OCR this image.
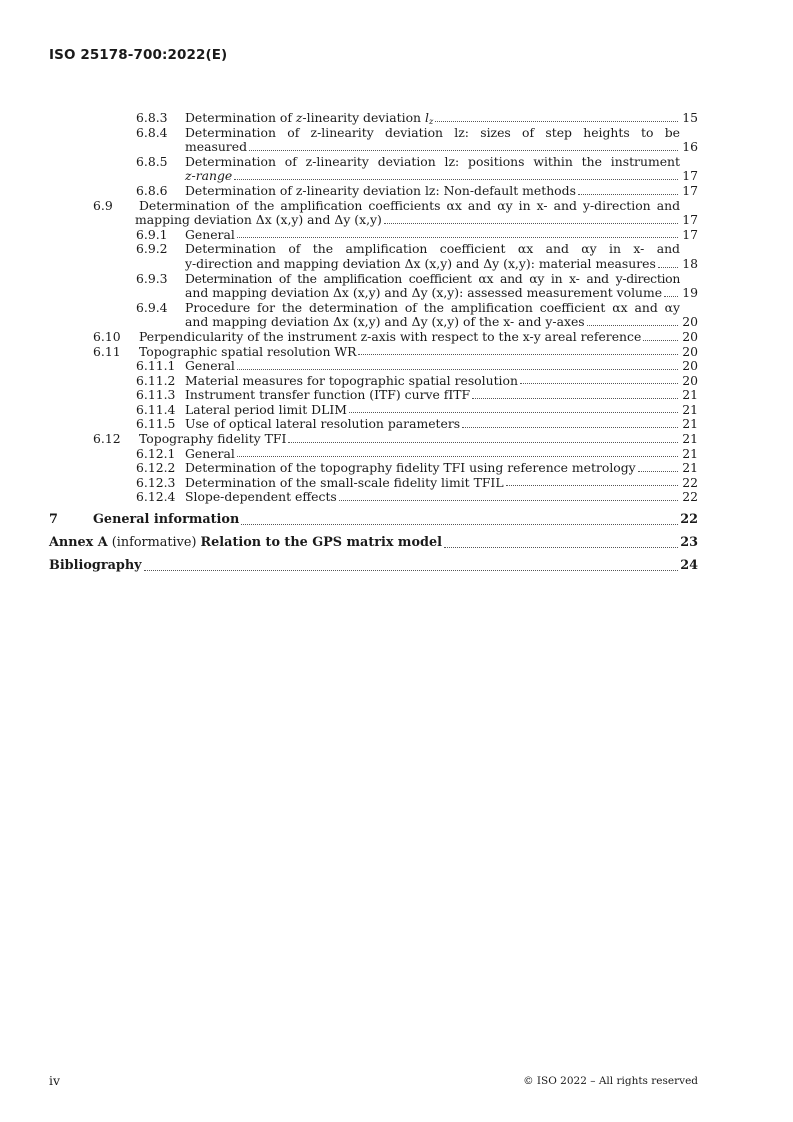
ISO 25178-700:2022(E)
6.8.3	Determination of z-linearity deviation $l_z$	15
6.8.4	Determination of z-linearity deviation lz: sizes of step heights to be
measured	16
6.8.5	Determination of z-linearity deviation lz: positions within the instrument
z-range	17
6.8.6	Determination of z-linearity deviation lz: Non-default methods	17
6.9	Determination of the amplification coefficients αx and αy in x- and y-direction and
mapping deviation Δx (x,y) and Δy (x,y)	17
6.9.1	General	17
6.9.2	Determination of the amplification coefficient αx and αy in x- and
y-direction and mapping deviation Δx (x,y) and Δy (x,y): material measures 18
6.9.3	Determination of the amplification coefficient αx and αy in x- and y-direction
and mapping deviation Δx (x,y) and Δy (x,y): assessed measurement volume 19
6.9.4	Procedure for the determination of the amplification coefficient αx and αy
and mapping deviation Δx (x,y) and Δy (x,y) of the x- and y-axes	20
6.10	Perpendicularity of the instrument z-axis with respect to the x-y areal reference	20
6.11	Topographic spatial resolution WR	20
6.11.1 General	20
6.11.2 Material measures for topographic spatial resolution	20
6.11.3 Instrument transfer function (ITF) curve fITF	21
6.11.4 Lateral period limit DLIM	21
6.11.5 Use of optical lateral resolution parameters	21
6.12	Topography fidelity TFI	21
6.12.1 General	21
6.12.2 Determination of the topography fidelity TFI using reference metrology	21
6.12.3 Determination of the small-scale fidelity limit TFIL	22
6.12.4 Slope-dependent effects	22
7	General information	22
Annex A (informative) Relation to the GPS matrix model	23
Bibliography	24
iv	© ISO 2022 – All rights reserved
